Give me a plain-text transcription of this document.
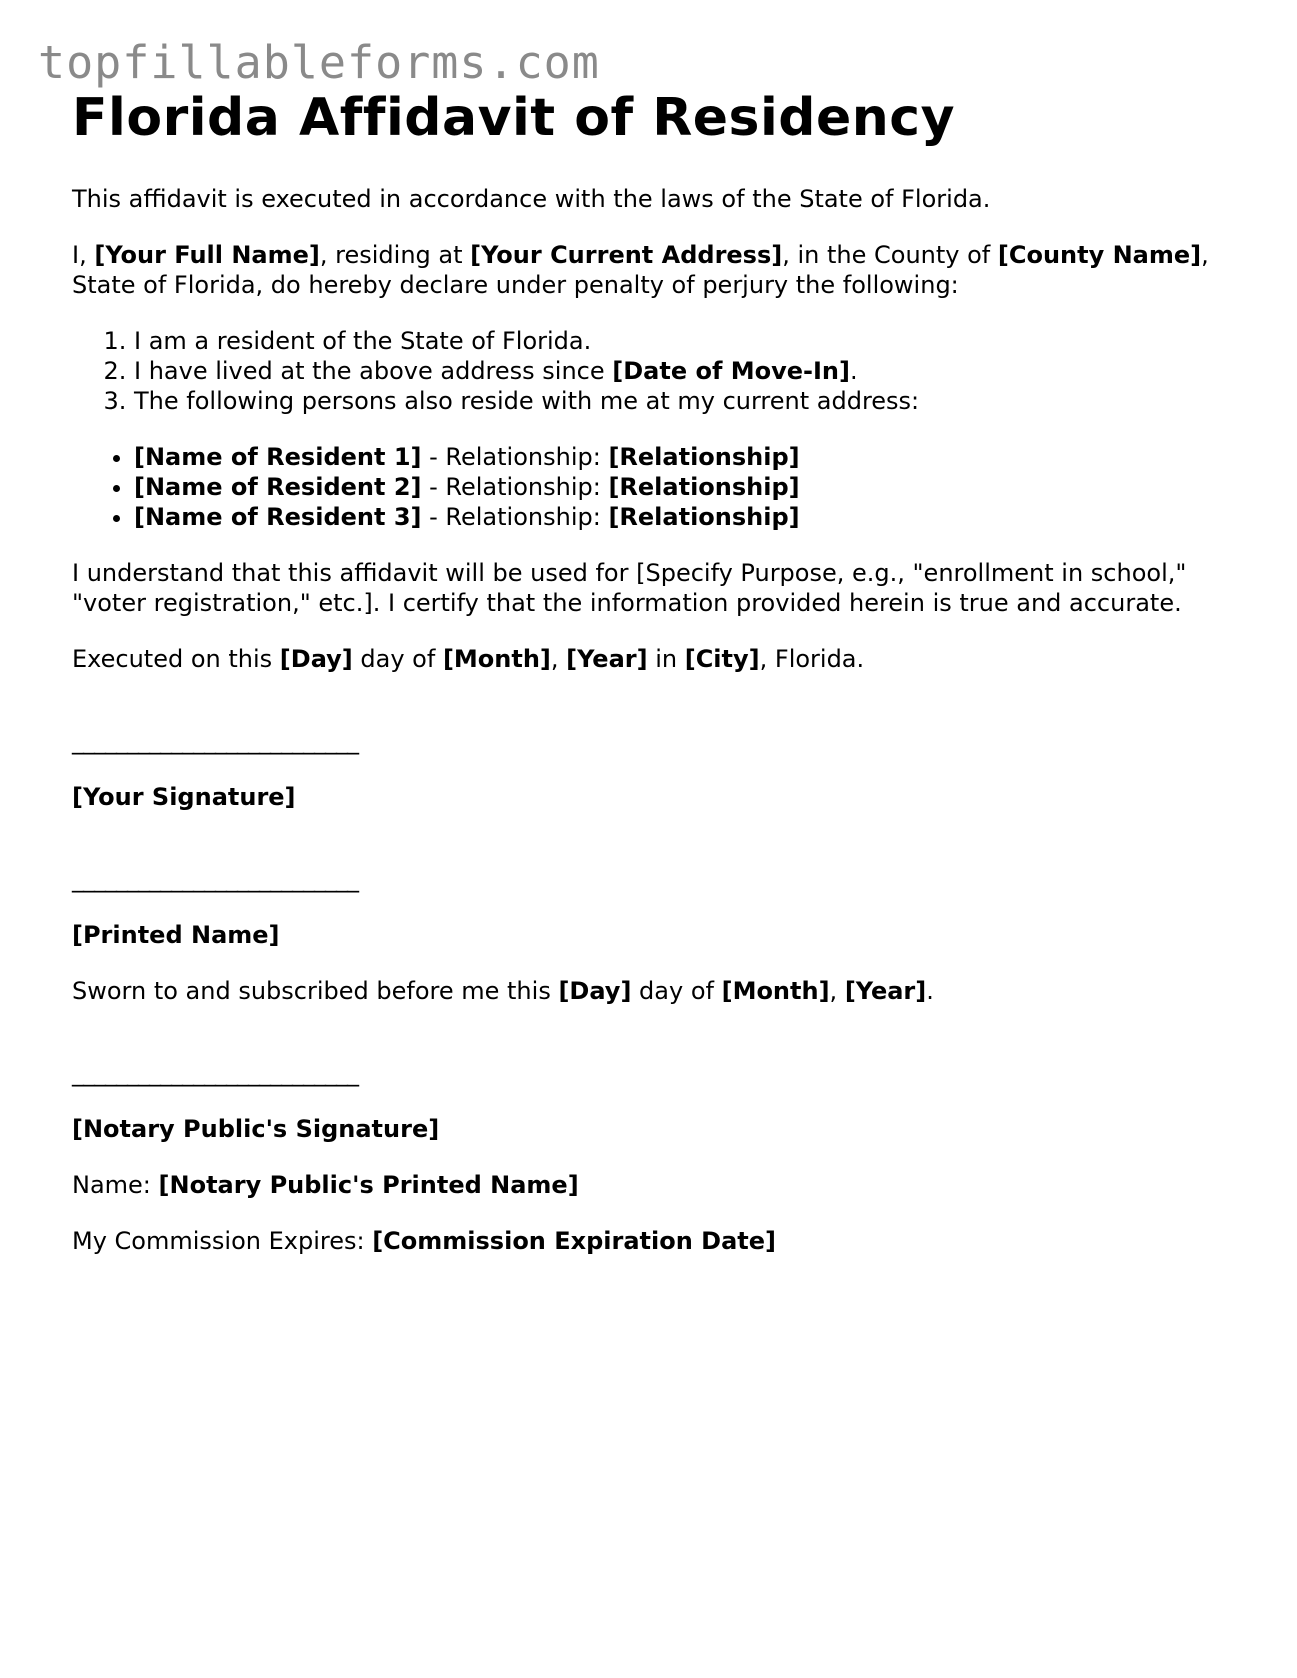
topfillableforms.com
Florida Affidavit of Residency

This affidavit is executed in accordance with the laws of the State of Florida.

I, [Your Full Name], residing at [Your Current Address], in the County of [County Name], State of Florida, do hereby declare under penalty of perjury the following:

1. I am a resident of the State of Florida.
2. I have lived at the above address since [Date of Move-In].
3. The following persons also reside with me at my current address:
• [Name of Resident 1] - Relationship: [Relationship]
• [Name of Resident 2] - Relationship: [Relationship]
• [Name of Resident 3] - Relationship: [Relationship]

I understand that this affidavit will be used for [Specify Purpose, e.g., "enrollment in school," "voter registration," etc.]. I certify that the information provided herein is true and accurate.

Executed on this [Day] day of [Month], [Year] in [City], Florida.

__________________________

[Your Signature]

__________________________

[Printed Name]

Sworn to and subscribed before me this [Day] day of [Month], [Year].

__________________________

[Notary Public's Signature]

Name: [Notary Public's Printed Name]

My Commission Expires: [Commission Expiration Date]
